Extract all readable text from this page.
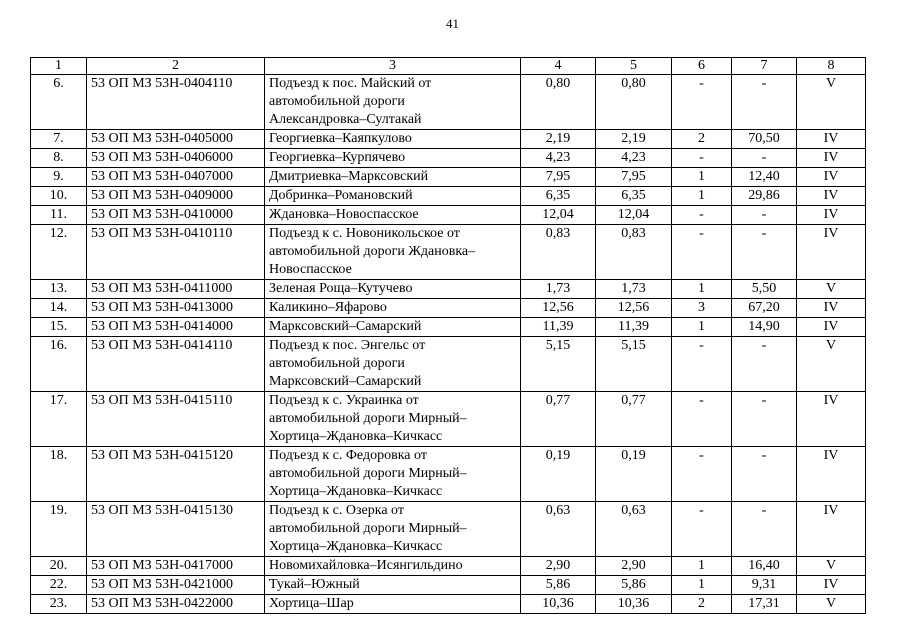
41
1	2	3	4	5	6	7	8
6.	53 ОП МЗ 53Н-0404110	Подъезд к пос. Майский от
автомобильной дороги
Александровка–Султакай	0,80	0,80	-	-	V
7.	53 ОП МЗ 53Н-0405000	Георгиевка–Каяпкулово	2,19	2,19	2	70,50	IV
8.	53 ОП МЗ 53Н-0406000	Георгиевка–Курпячево	4,23	4,23	-	-	IV
9.	53 ОП МЗ 53Н-0407000	Дмитриевка–Марксовский	7,95	7,95	1	12,40	IV
10.	53 ОП МЗ 53Н-0409000	Добринка–Романовский	6,35	6,35	1	29,86	IV
11.	53 ОП МЗ 53Н-0410000	Ждановка–Новоспасское	12,04	12,04	-	-	IV
12.	53 ОП МЗ 53Н-0410110	Подъезд к с. Новоникольское от
автомобильной дороги Ждановка–
Новоспасское	0,83	0,83	-	-	IV
13.	53 ОП МЗ 53Н-0411000	Зеленая Роща–Кутучево	1,73	1,73	1	5,50	V
14.	53 ОП МЗ 53Н-0413000	Каликино–Яфарово	12,56	12,56	3	67,20	IV
15.	53 ОП МЗ 53Н-0414000	Марксовский–Самарский	11,39	11,39	1	14,90	IV
16.	53 ОП МЗ 53Н-0414110	Подъезд к пос. Энгельс от
автомобильной дороги
Марксовский–Самарский	5,15	5,15	-	-	V
17.	53 ОП МЗ 53Н-0415110	Подъезд к с. Украинка от
автомобильной дороги Мирный–
Хортица–Ждановка–Кичкасс	0,77	0,77	-	-	IV
18.	53 ОП МЗ 53Н-0415120	Подъезд к с. Федоровка от
автомобильной дороги Мирный–
Хортица–Ждановка–Кичкасс	0,19	0,19	-	-	IV
19.	53 ОП МЗ 53Н-0415130	Подъезд к с. Озерка от
автомобильной дороги Мирный–
Хортица–Ждановка–Кичкасс	0,63	0,63	-	-	IV
20.	53 ОП МЗ 53Н-0417000	Новомихайловка–Исянгильдино	2,90	2,90	1	16,40	V
22.	53 ОП МЗ 53Н-0421000	Тукай–Южный	5,86	5,86	1	9,31	IV
23.	53 ОП МЗ 53Н-0422000	Хортица–Шар	10,36	10,36	2	17,31	V
